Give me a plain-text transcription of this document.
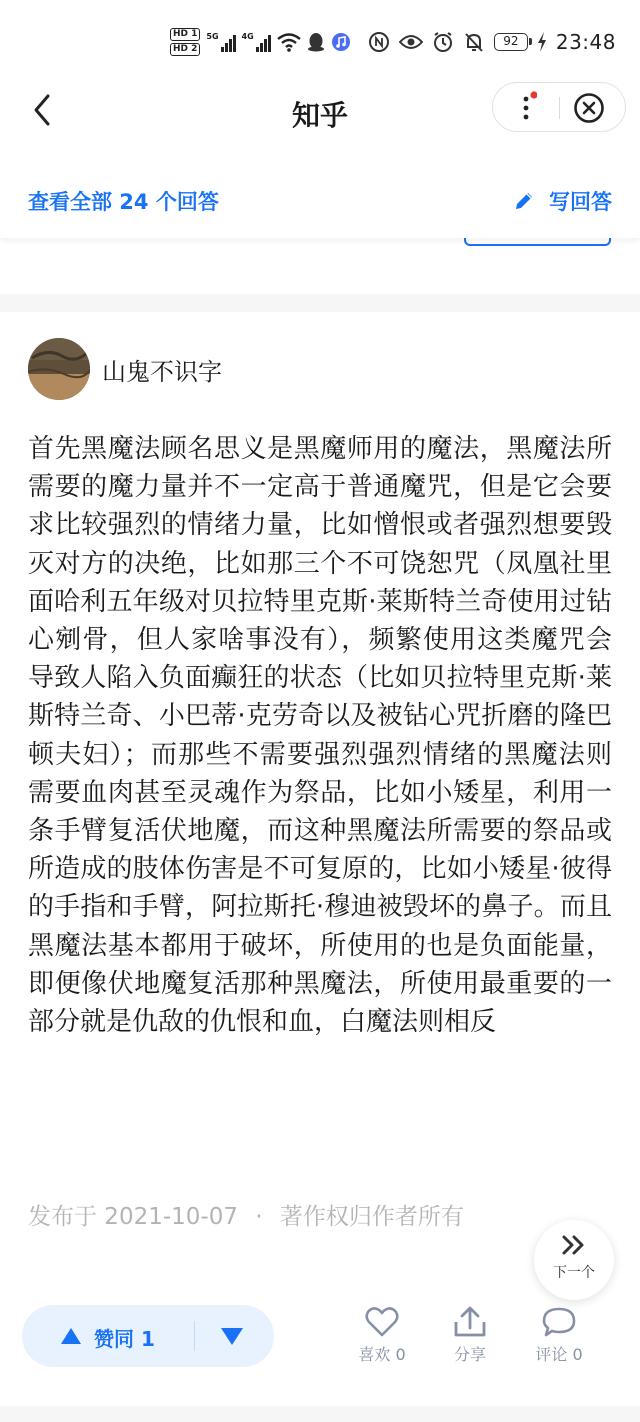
HD 1
HD 2
5G	4G	92	23:48
知乎
查看全部 24 个回答	写回答
山鬼不识字
首先黑魔法顾名思义是黑魔师用的魔法，黑魔法所需要的魔力量并不一定高于普通魔咒，但是它会要求比较强烈的情绪力量，比如憎恨或者强烈想要毁灭对方的决绝，比如那三个不可饶恕咒（凤凰社里面哈利五年级对贝拉特里克斯·莱斯特兰奇使用过钻心剜骨，但人家啥事没有），频繁使用这类魔咒会导致人陷入负面癫狂的状态（比如贝拉特里克斯·莱斯特兰奇、小巴蒂·克劳奇以及被钻心咒折磨的隆巴顿夫妇）；而那些不需要强烈强烈情绪的黑魔法则需要血肉甚至灵魂作为祭品，比如小矮星，利用一条手臂复活伏地魔，而这种黑魔法所需要的祭品或所造成的肢体伤害是不可复原的，比如小矮星·彼得的手指和手臂，阿拉斯托·穆迪被毁坏的鼻子。而且黑魔法基本都用于破坏，所使用的也是负面能量，即便像伏地魔复活那种黑魔法，所使用最重要的一部分就是仇敌的仇恨和血，白魔法则相反
发布于 2021-10-07 · 著作权归作者所有
下一个
赞同 1
喜欢 0	分享	评论 0
